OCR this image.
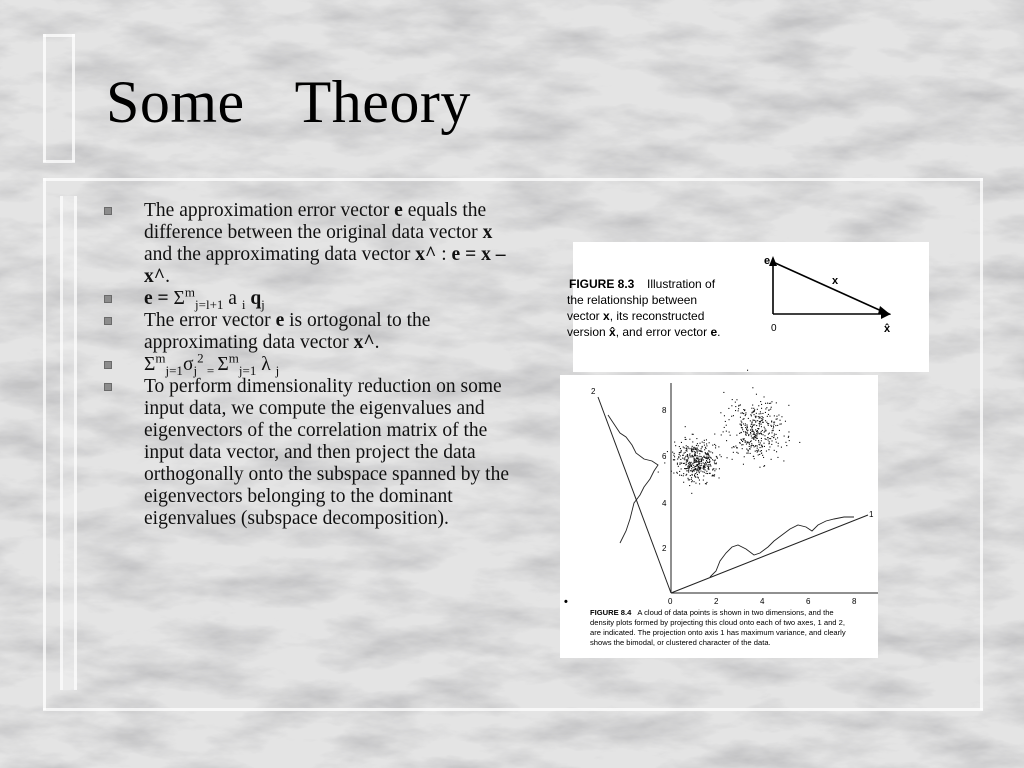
Some  Theory
The approximation error vector e equals the difference between the original data vector x and the approximating data vector x^ : e = x – x^.
$e = \Sigma^m_{j=l+1}$ a $_i$ $q_j$
The error vector e is ortogonal to the approximating data vector x^.
$\Sigma^m_{j=1}\sigma_j^2$ $_=$ $\Sigma^m_{j=1}$ λ $_j$
To perform dimensionality reduction on some input data, we compute the eigenvalues and eigenvectors of the correlation matrix of the input data vector, and then project the data orthogonally onto the subspace spanned by the eigenvectors belonging to the dominant eigenvalues (subspace decomposition).
FIGURE 8.3 Illustration of
the relationship between
vector x, its reconstructed
version x̂, and error vector e.
e
x
x̂
0
2
1
2
4
6
8
0	2	4	6	8
•
FIGURE 8.4 A cloud of data points is shown in two dimensions, and the
density plots formed by projecting this cloud onto each of two axes, 1 and 2,
are indicated. The projection onto axis 1 has maximum variance, and clearly
shows the bimodal, or clustered character of the data.
